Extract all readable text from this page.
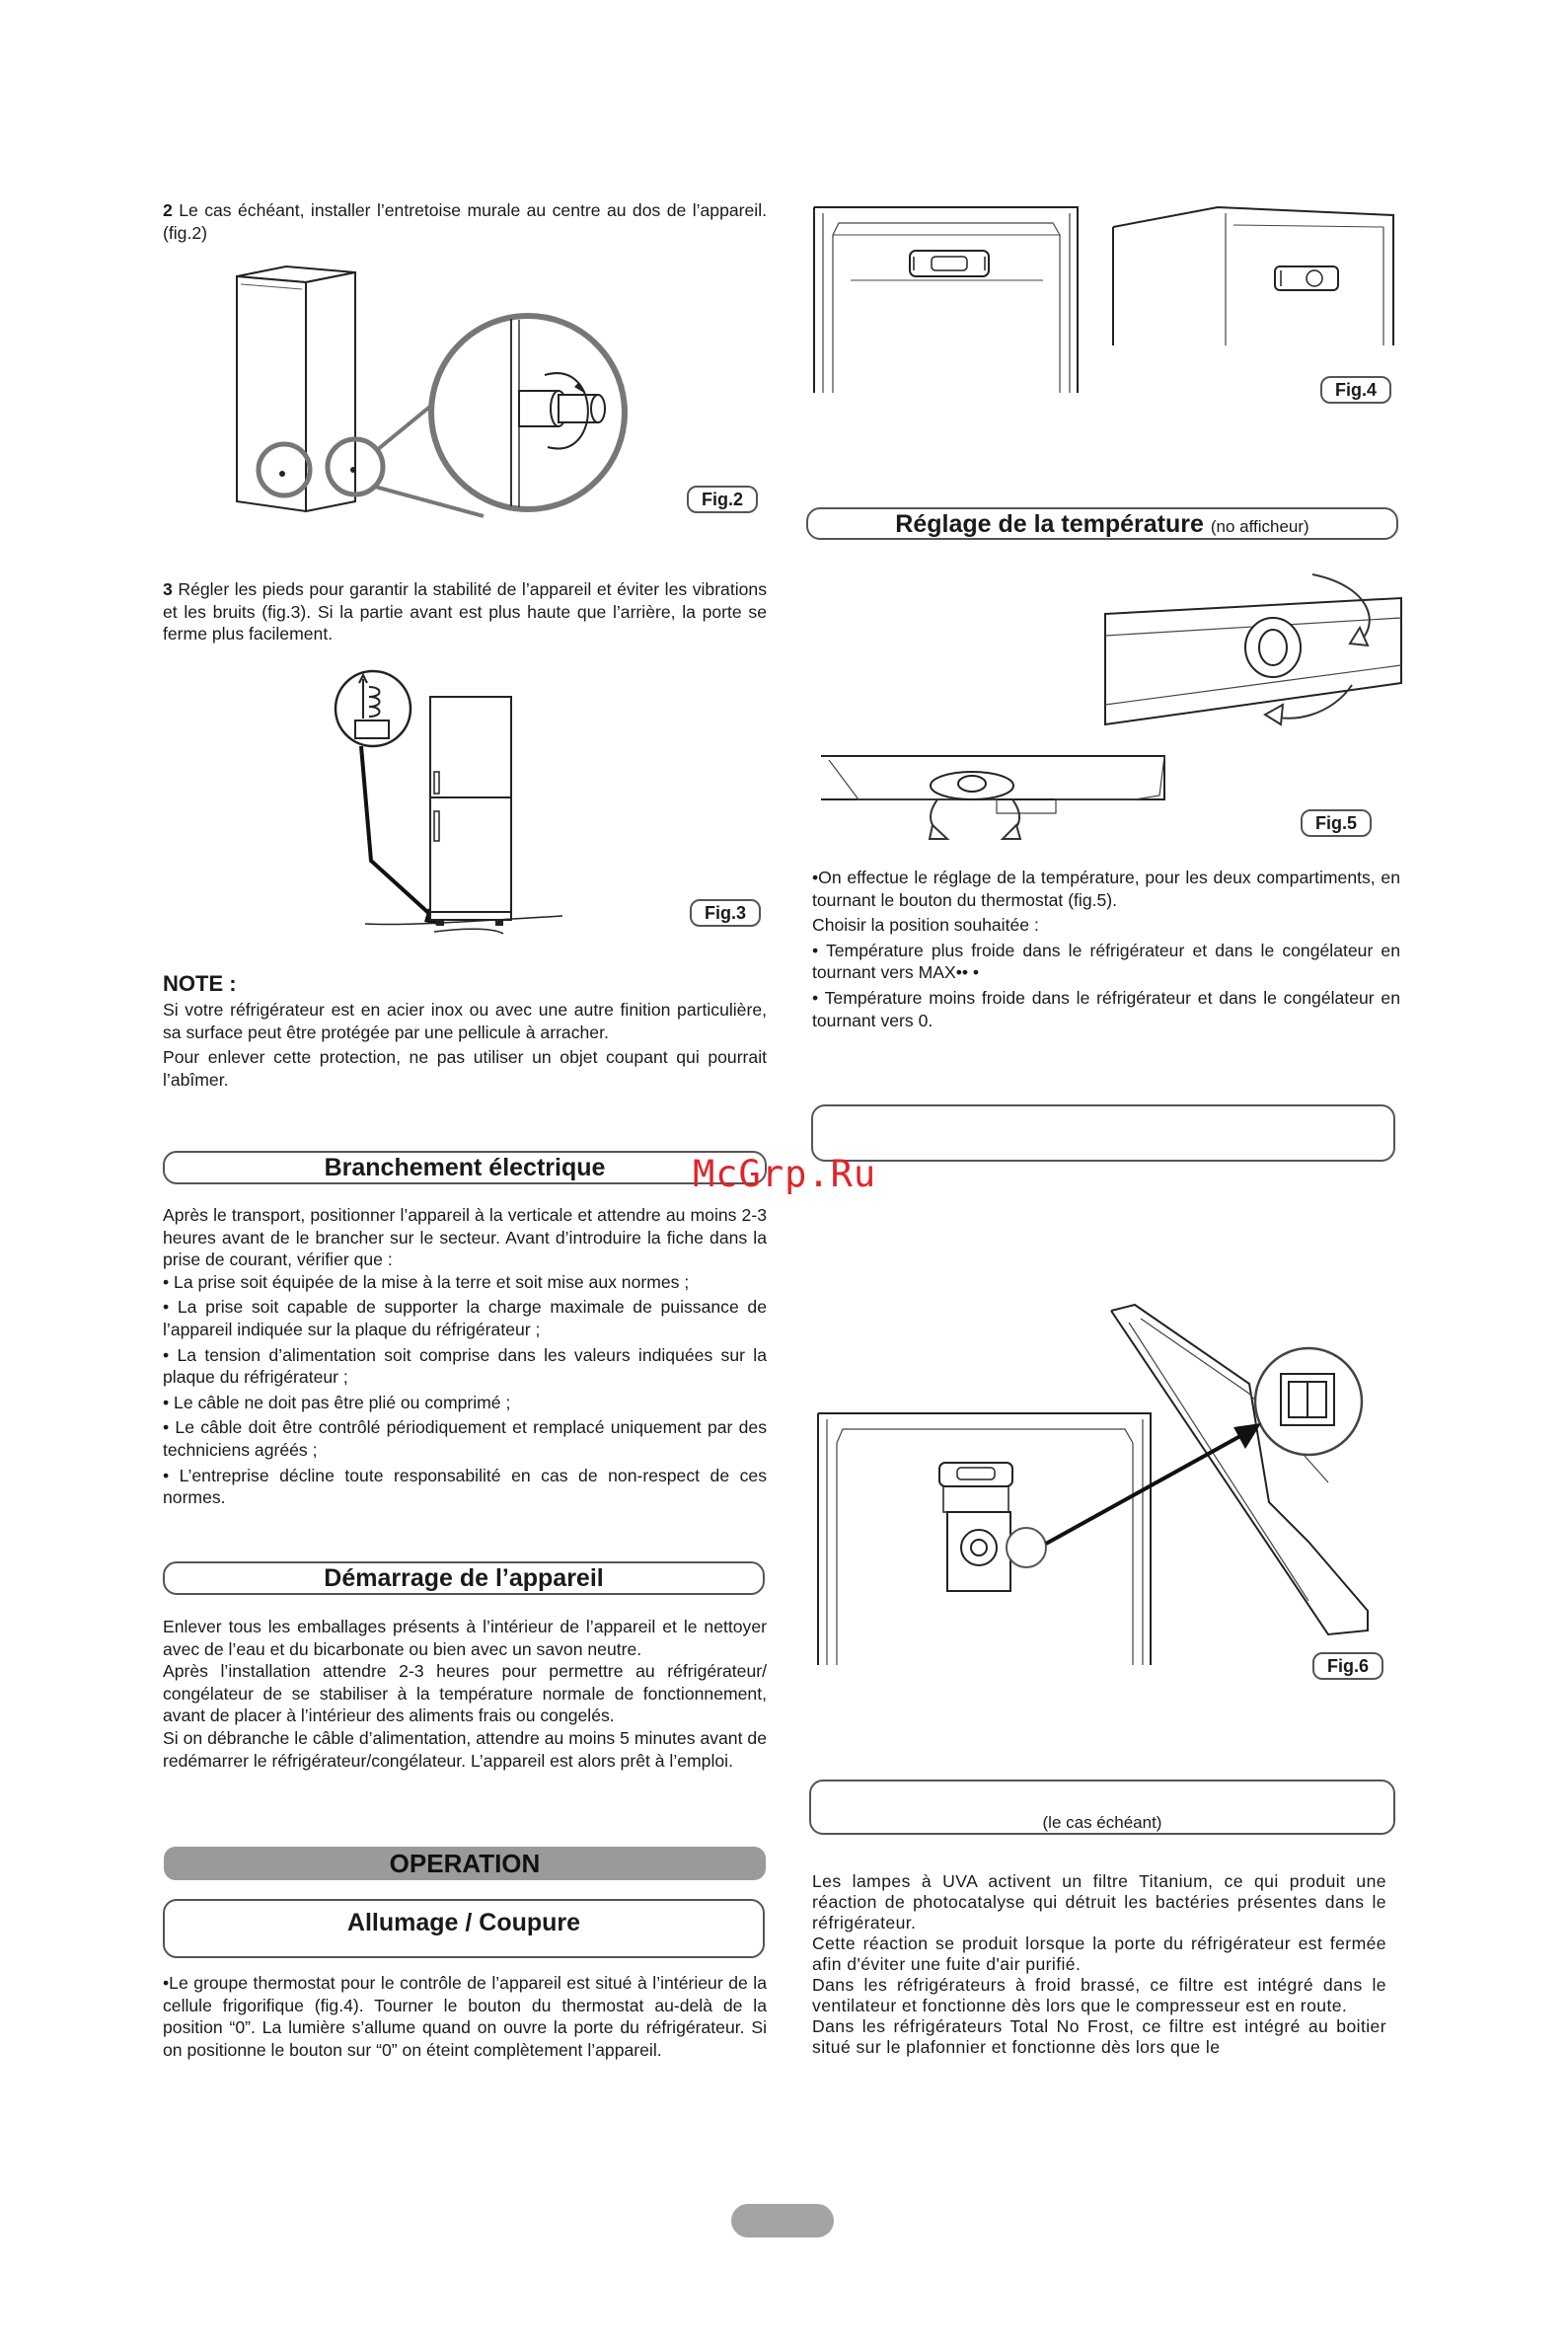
2 Le cas échéant, installer l’entretoise murale au centre au dos de l’appareil. (fig.2)

Fig.2

3 Régler les pieds pour garantir la stabilité de l’appareil et éviter les vibrations et les bruits (fig.3). Si la partie avant est plus haute que l’arrière, la porte se ferme plus facilement.

Fig.3
NOTE :

Si votre réfrigérateur est en acier inox ou avec une autre finition particulière, sa surface peut être protégée par une pellicule à arracher.

Pour enlever cette protection, ne pas utiliser un objet coupant qui pourrait l’abîmer.

Branchement électrique

Après le transport, positionner l’appareil à la verticale et attendre au moins 2-3 heures avant de le brancher sur le secteur. Avant d’introduire la fiche dans la prise de courant, vérifier que :

• La prise soit équipée de la mise à la terre et soit mise aux normes ;

• La prise soit capable de supporter la charge maximale de puissance de l’appareil indiquée sur la plaque du réfrigérateur ;

• La tension d’alimentation soit comprise dans les valeurs indiquées sur la plaque du réfrigérateur ;

• Le câble ne doit pas être plié ou comprimé ;

• Le câble doit être contrôlé périodiquement et remplacé uniquement par des techniciens agréés ;

• L’entreprise décline toute responsabilité en cas de non-respect de ces normes.

Démarrage de l’appareil

Enlever tous les emballages présents à l’intérieur de l’appareil et le nettoyer avec de l’eau et du bicarbonate ou bien avec un savon neutre.

Après l’installation attendre 2-3 heures pour permettre au réfrigérateur/ congélateur de se stabiliser à la température normale de fonctionnement, avant de placer à l’intérieur des aliments frais ou congelés.

Si on débranche le câble d’alimentation, attendre au moins 5 minutes avant de redémarrer le réfrigérateur/congélateur. L’appareil est alors prêt à l’emploi.

OPERATION
Allumage / Coupure

•Le groupe thermostat pour le contrôle de l’appareil est situé à l’intérieur de la cellule frigorifique (fig.4). Tourner le bouton du thermostat au-delà de la position “0”. La lumière s’allume quand on ouvre la porte du réfrigérateur. Si on positionne le bouton sur “0” on éteint complètement l’appareil.

Fig.4
Réglage de la température (no afficheur)
Fig.5

•On effectue le réglage de la température, pour les deux compartiments, en tournant le bouton du thermostat (fig.5).

Choisir la position souhaitée :

• Température plus froide dans le réfrigérateur et dans le congélateur en tournant vers MAX•• •

• Température moins froide dans le réfrigérateur et dans le congélateur en tournant vers 0.

Fig.6
(le cas échéant)

Les lampes à UVA activent un filtre Titanium, ce qui produit une réaction de photocatalyse qui détruit les bactéries présentes dans le réfrigérateur.

Cette réaction se produit lorsque la porte du réfrigérateur est fermée afin d'éviter une fuite d'air purifié.

Dans les réfrigérateurs à froid brassé, ce filtre est intégré dans le ventilateur et fonctionne dès lors que le compresseur est en route.

Dans les réfrigérateurs Total No Frost, ce filtre est intégré au boitier situé sur le plafonnier et fonctionne dès lors que le

McGrp.Ru
